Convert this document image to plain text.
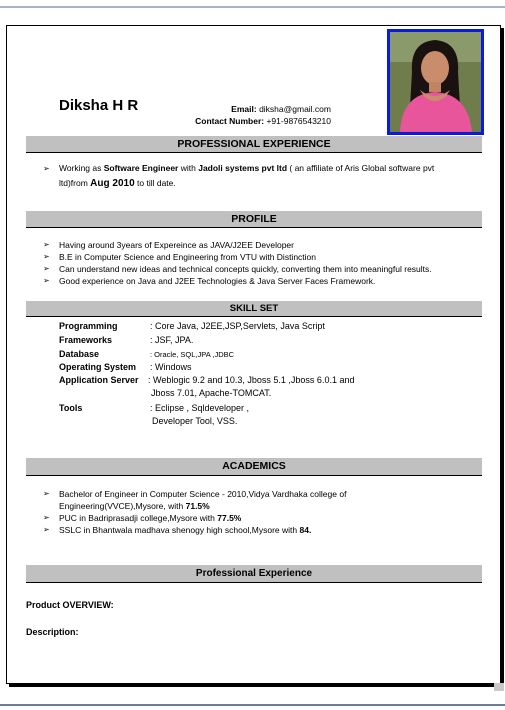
Diksha H R	Email: diksha@gmail.com
Contact Number: +91-9876543210
PROFESSIONAL EXPERIENCE
➢	Working as Software Engineer with Jadoli systems pvt ltd ( an affiliate of Aris Global software pvt ltd)from Aug 2010 to till date.
PROFILE
➢ Having around 3years of Expereince as JAVA/J2EE Developer
➢ B.E in Computer Science and Engineering from VTU with Distinction
➢ Can understand new ideas and technical concepts quickly, converting them into meaningful results.
➢ Good experience on Java and J2EE Technologies & Java Server Faces Framework.
SKILL SET
Programming	: Core Java, J2EE,JSP,Servlets, Java Script
Frameworks	: JSF, JPA.
Database	: Oracle, SQL,JPA ,JDBC
Operating System : Windows
Application Server : Weblogic 9.2 and 10.3, Jboss 5.1 ,Jboss 6.0.1 and
Jboss 7.01, Apache-TOMCAT.
Tools	: Eclipse , Sqldeveloper ,
Developer Tool, VSS.
ACADEMICS
➢ Bachelor of Engineer in Computer Science - 2010,Vidya Vardhaka college of Engineering(VVCE),Mysore, with 71.5%
➢ PUC in Badriprasadji college,Mysore with 77.5%
➢ SSLC in Bhantwala madhava shenogy high school,Mysore with 84.
Professional Experience
Product OVERVIEW:
Description:
